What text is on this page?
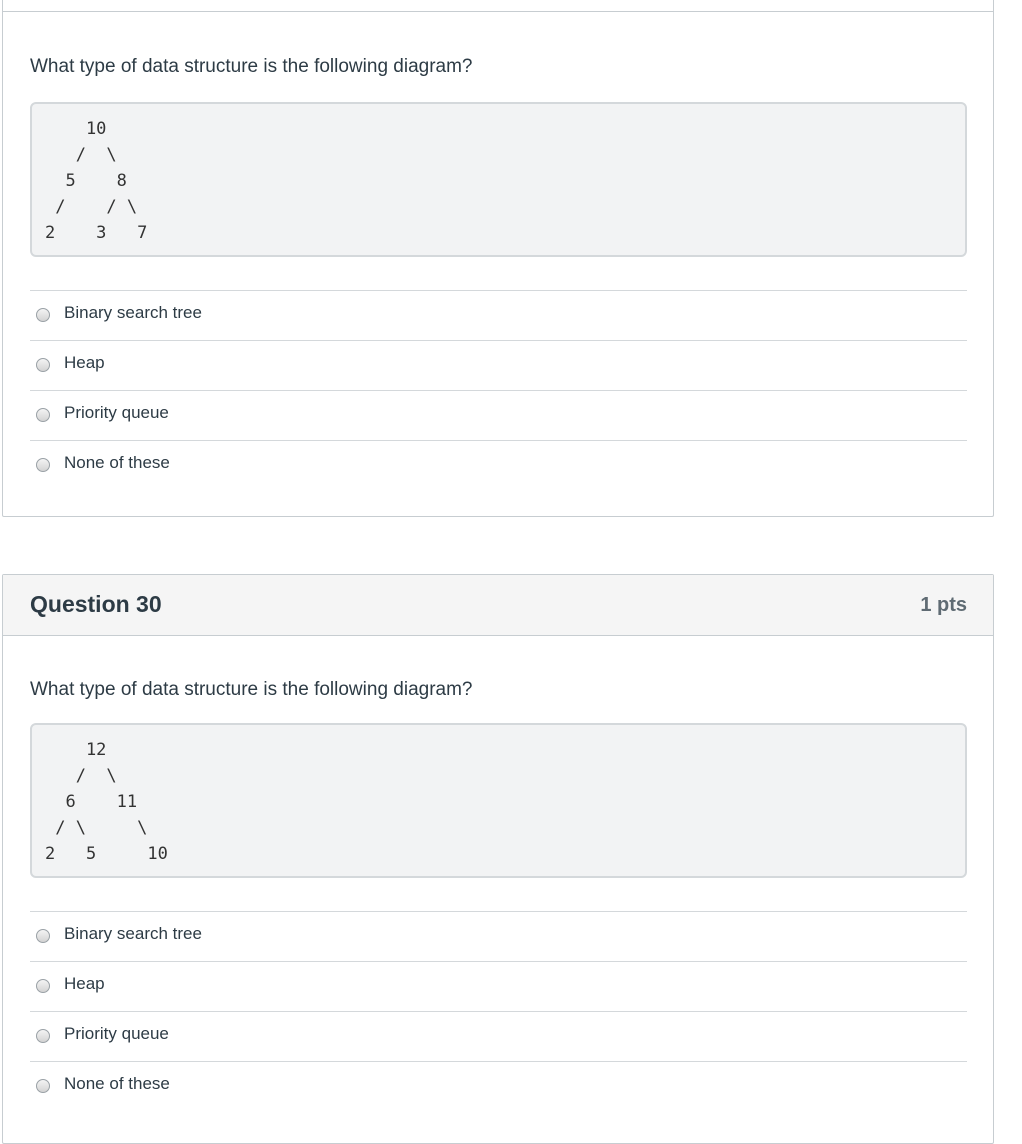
What type of data structure is the following diagram?
10
/  \
5    8
/    / \
2    3   7
Binary search tree
Heap
Priority queue
None of these
Question 30	1 pts
What type of data structure is the following diagram?
12
/  \
6    11
/ \     \
2   5     10
Binary search tree
Heap
Priority queue
None of these
